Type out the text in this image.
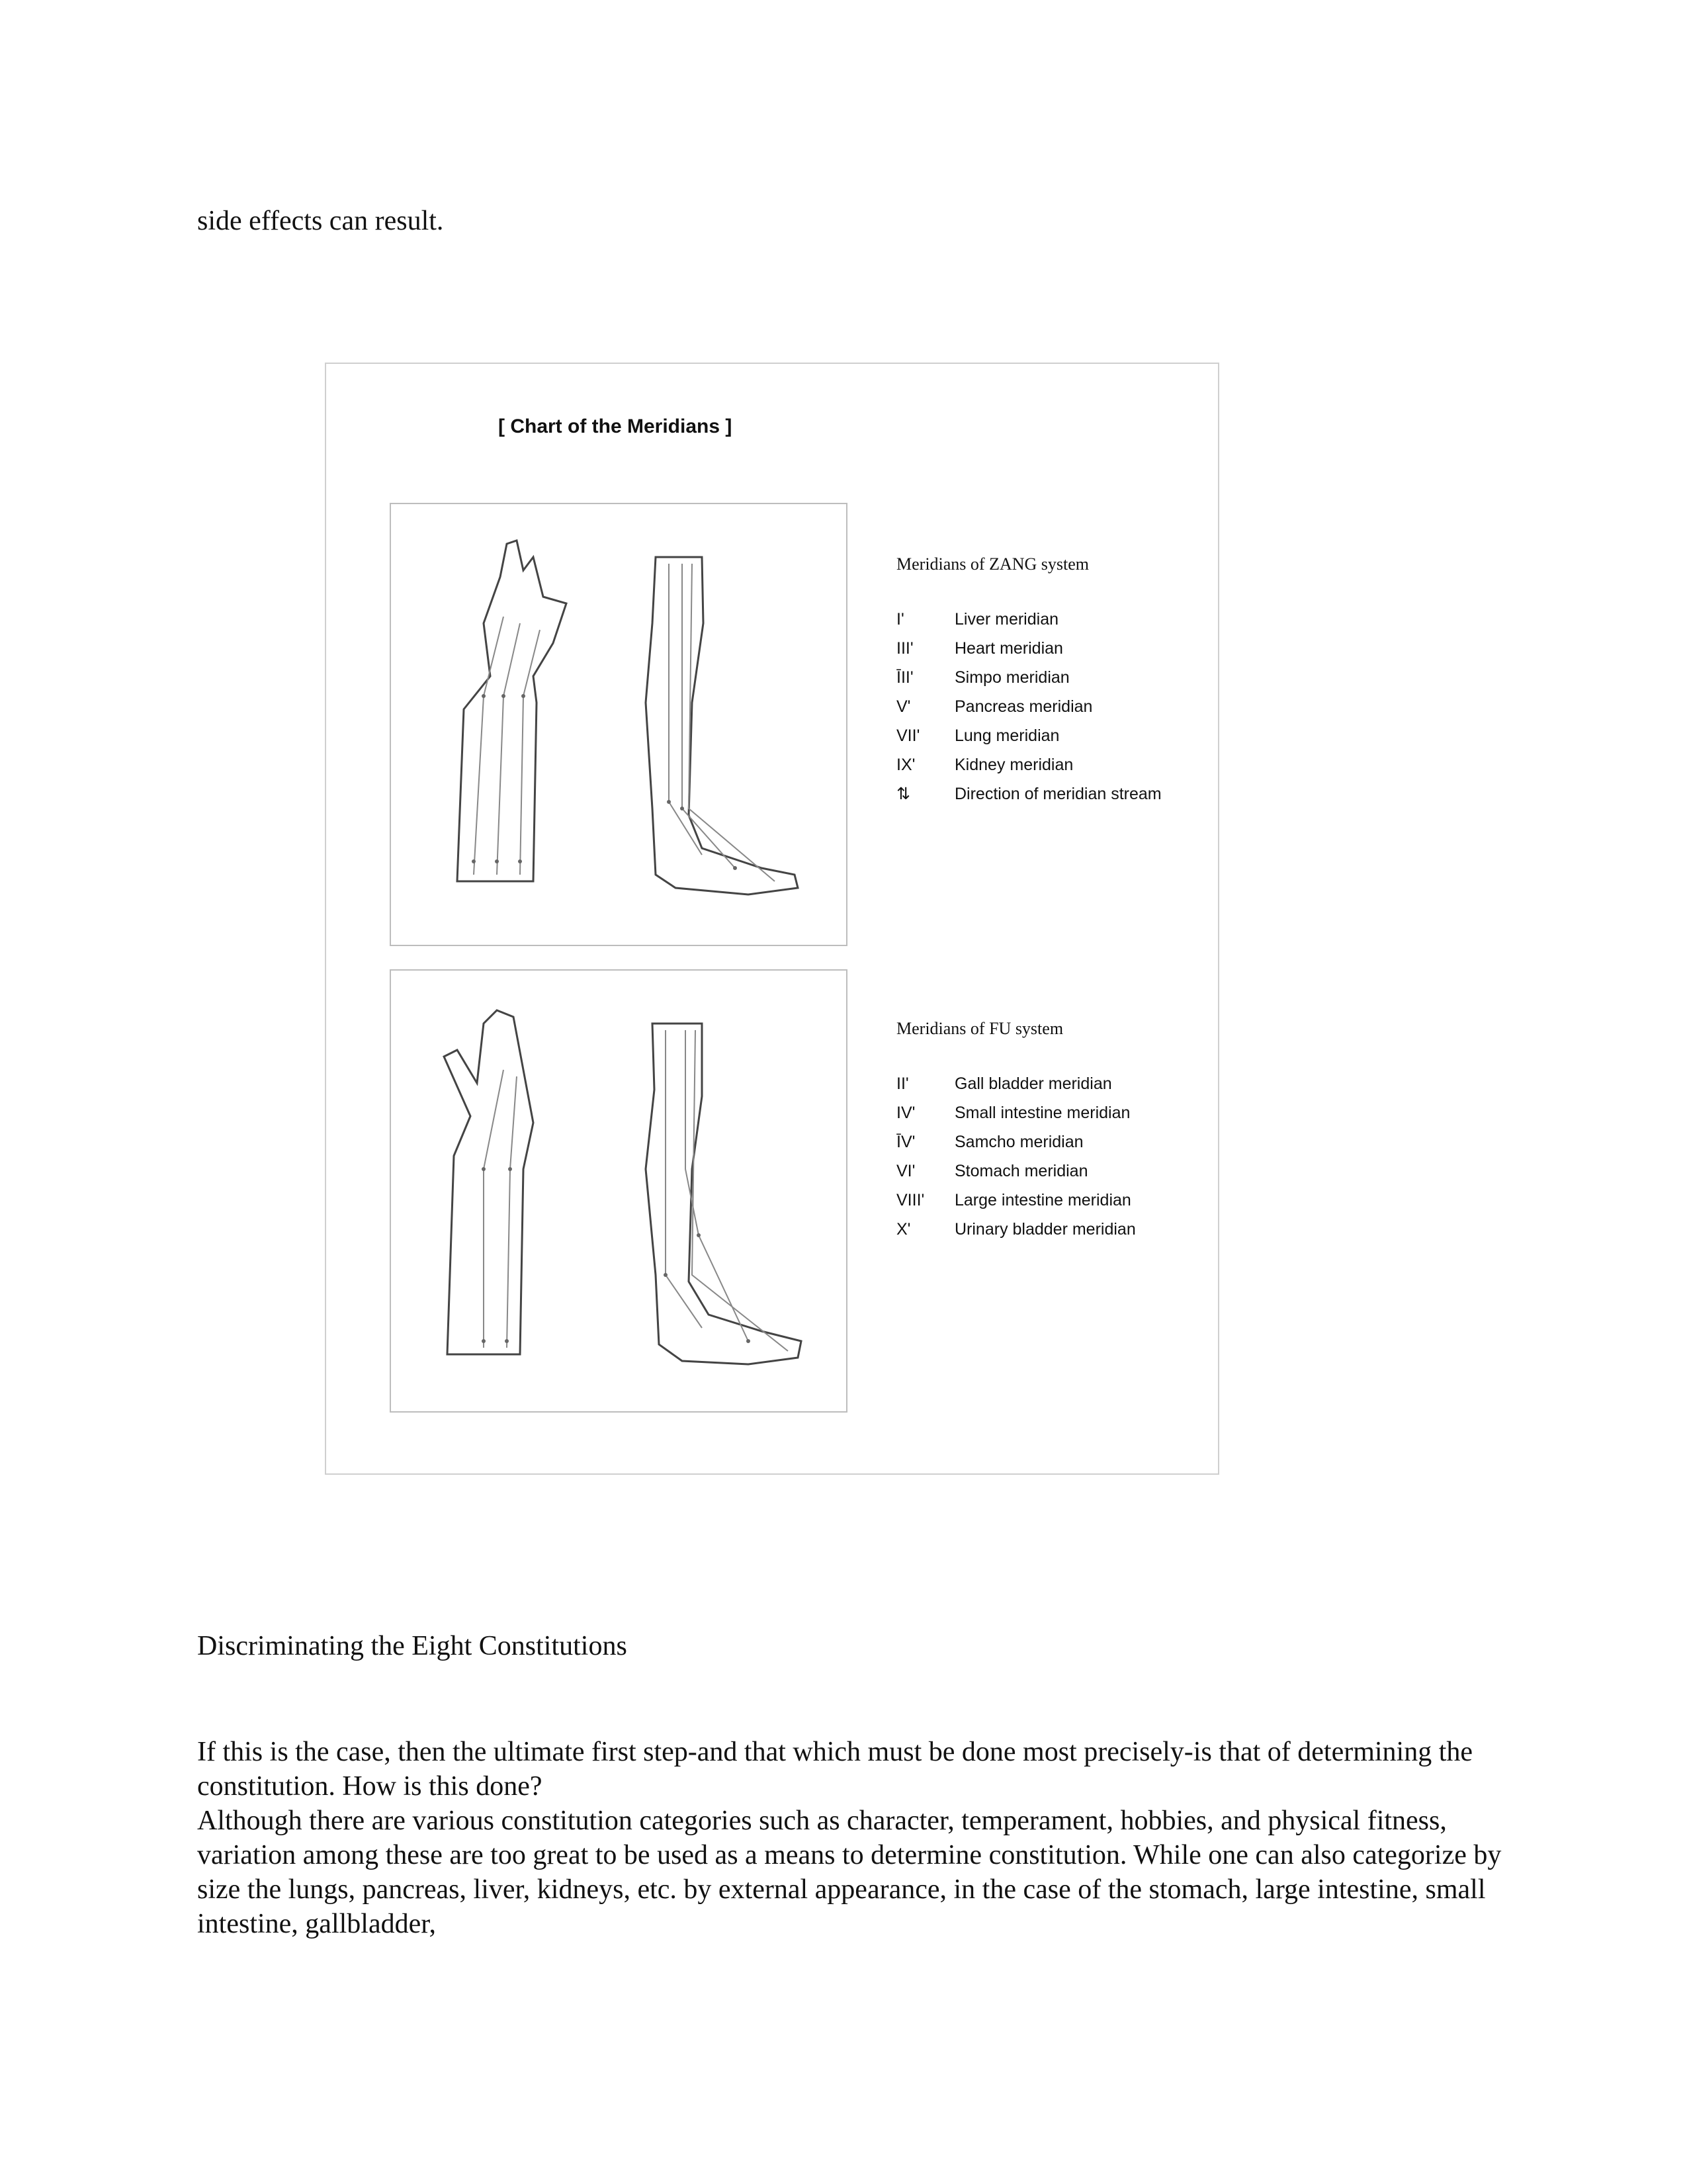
side effects can result.

[ Chart of the Meridians ]
Meridians of ZANG system
I'	Liver meridian
III'	Heart meridian
ĪII'	Simpo meridian
V'	Pancreas meridian
VII'	Lung meridian
IX'	Kidney meridian
⇅	Direction of meridian stream
Meridians of FU system
II'	Gall bladder meridian
IV'	Small intestine meridian
ĪV'	Samcho meridian
VI'	Stomach meridian
VIII'	Large intestine meridian
X'	Urinary bladder meridian

Discriminating the Eight Constitutions

If this is the case, then the ultimate first step-and that which must be done most precisely-is that of determining the constitution. How is this done?
Although there are various constitution categories such as character, temperament, hobbies, and physical fitness, variation among these are too great to be used as a means to determine constitution. While one can also categorize by size the lungs, pancreas, liver, kidneys, etc. by external appearance, in the case of the stomach, large intestine, small intestine, gallbladder,
